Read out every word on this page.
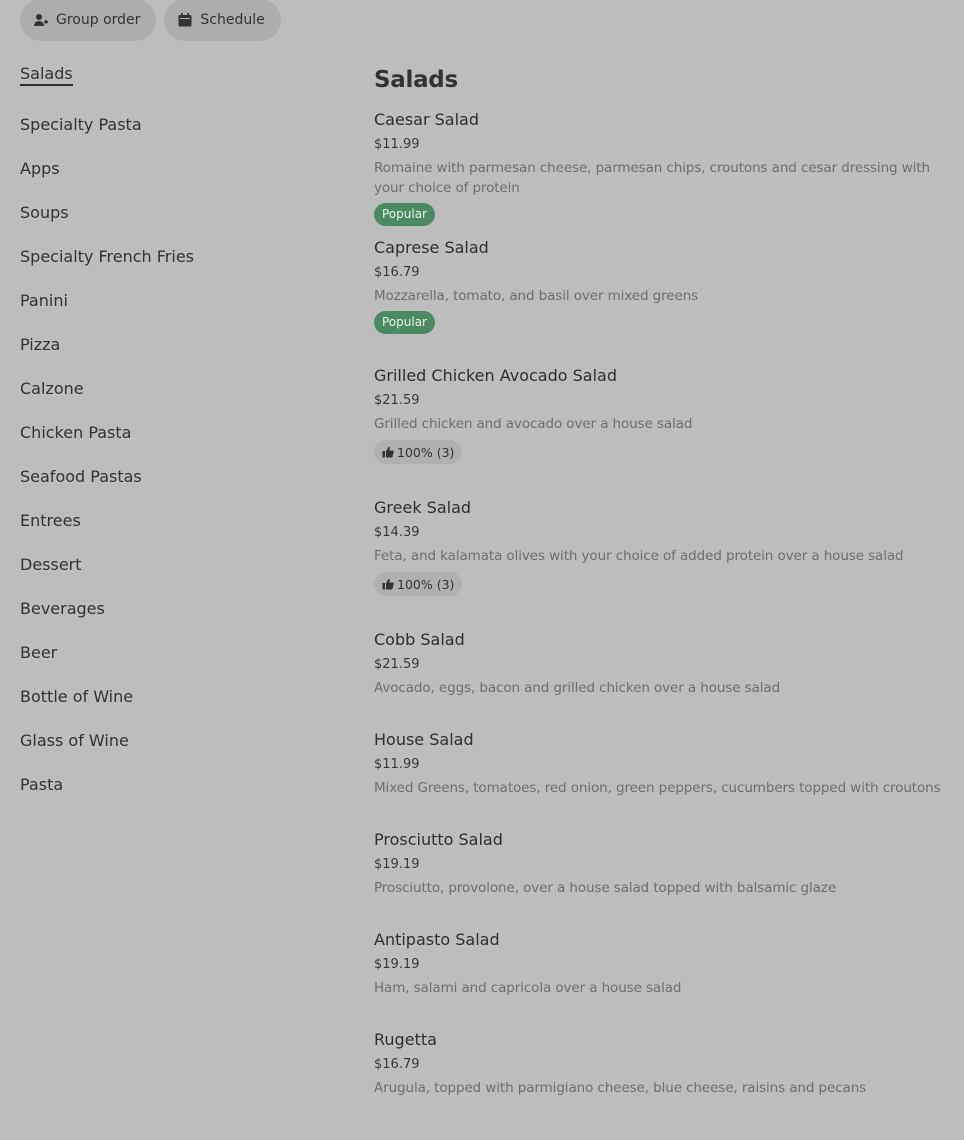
Group order	Schedule
Salads
Specialty Pasta
Apps
Soups
Specialty French Fries
Panini
Pizza
Calzone
Chicken Pasta
Seafood Pastas
Entrees
Dessert
Beverages
Beer
Bottle of Wine
Glass of Wine
Pasta
Salads
Caesar Salad
$11.99
Romaine with parmesan cheese, parmesan chips, croutons and cesar dressing with your choice of protein
Popular
Caprese Salad
$16.79
Mozzarella, tomato, and basil over mixed greens
Popular
Grilled Chicken Avocado Salad
$21.59
Grilled chicken and avocado over a house salad
100% (3)
Greek Salad
$14.39
Feta, and kalamata olives with your choice of added protein over a house salad
100% (3)
Cobb Salad
$21.59
Avocado, eggs, bacon and grilled chicken over a house salad
House Salad
$11.99
Mixed Greens, tomatoes, red onion, green peppers, cucumbers topped with croutons
Prosciutto Salad
$19.19
Prosciutto, provolone, over a house salad topped with balsamic glaze
Antipasto Salad
$19.19
Ham, salami and capricola over a house salad
Rugetta
$16.79
Arugula, topped with parmigiano cheese, blue cheese, raisins and pecans
